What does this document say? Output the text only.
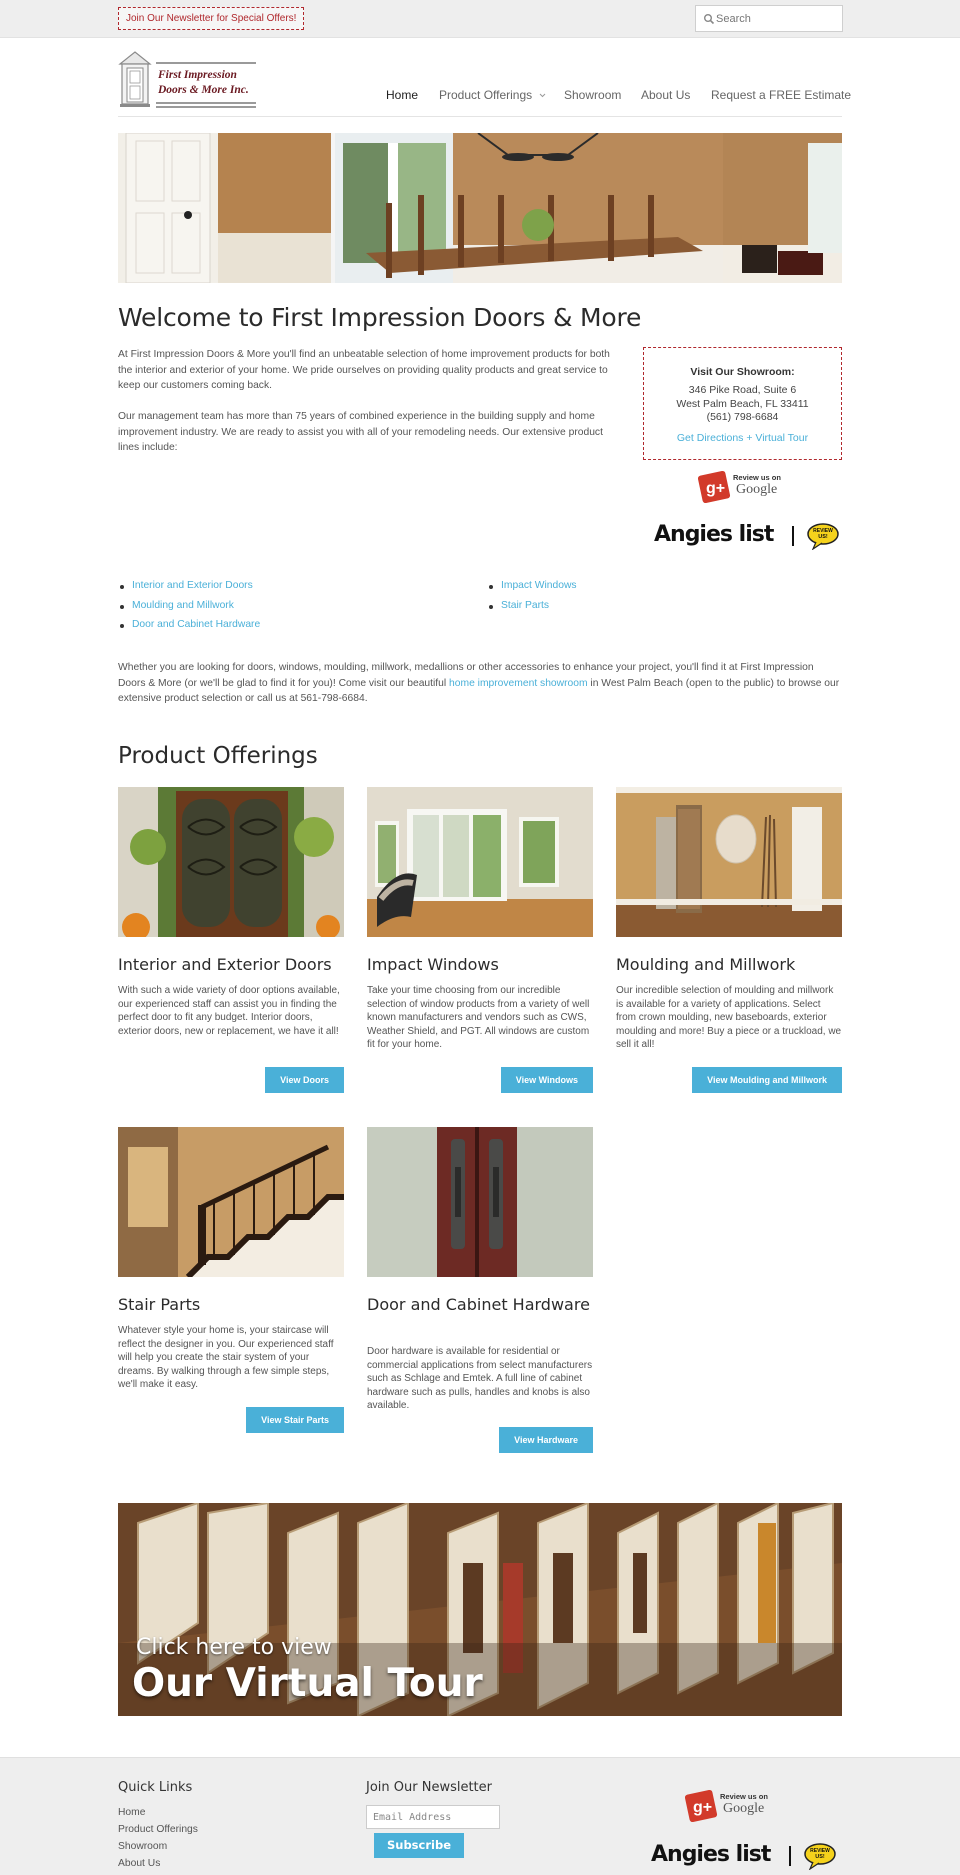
Join Our Newsletter for Special Offers!
Search
First Impression
Doors & More Inc.	Home Product Offerings	Showroom About Us Request a FREE Estimate
Welcome to First Impression Doors & More

At First Impression Doors & More you'll find an unbeatable selection of home improvement products for both the interior and exterior of your home. We pride ourselves on providing quality products and great service to keep our customers coming back.

Our management team has more than 75 years of combined experience in the building supply and home improvement industry. We are ready to assist you with all of your remodeling needs. Our extensive product lines include:

Visit Our Showroom:
346 Pike Road, Suite 6
West Palm Beach, FL 33411
(561) 798-6684
Get Directions + Virtual Tour
g+
Review us on
Google
Angies list	REVIEW
US!
Interior and Exterior Doors
Moulding and Millwork
Door and Cabinet Hardware
Impact Windows
Stair Parts

Whether you are looking for doors, windows, moulding, millwork, medallions or other accessories to enhance your project, you'll find it at First Impression Doors & More (or we'll be glad to find it for you)! Come visit our beautiful home improvement showroom in West Palm Beach (open to the public) to browse our extensive product selection or call us at 561-798-6684.

Product Offerings
Interior and Exterior Doors

With such a wide variety of door options available, our experienced staff can assist you in finding the perfect door to fit any budget. Interior doors, exterior doors, new or replacement, we have it all!

View Doors
Impact Windows

Take your time choosing from our incredible selection of window products from a variety of well known manufacturers and vendors such as CWS, Weather Shield, and PGT. All windows are custom fit for your home.

View Windows
Moulding and Millwork

Our incredible selection of moulding and millwork is available for a variety of applications. Select from crown moulding, new baseboards, exterior moulding and more! Buy a piece or a truckload, we sell it all!

View Moulding and Millwork
Stair Parts

Whatever style your home is, your staircase will reflect the designer in you. Our experienced staff will help you create the stair system of your dreams. By walking through a few simple steps, we'll make it easy.

View Stair Parts
Door and Cabinet Hardware

Door hardware is available for residential or commercial applications from select manufacturers such as Schlage and Emtek. A full line of cabinet hardware such as pulls, handles and knobs is also available.

View Hardware
Click here to view
Our Virtual Tour
Quick Links
Home
Product Offerings
Showroom
About Us
Join Our Newsletter
Email Address
Subscribe
g+
Review us on
Google
Angies list	REVIEW
US!
